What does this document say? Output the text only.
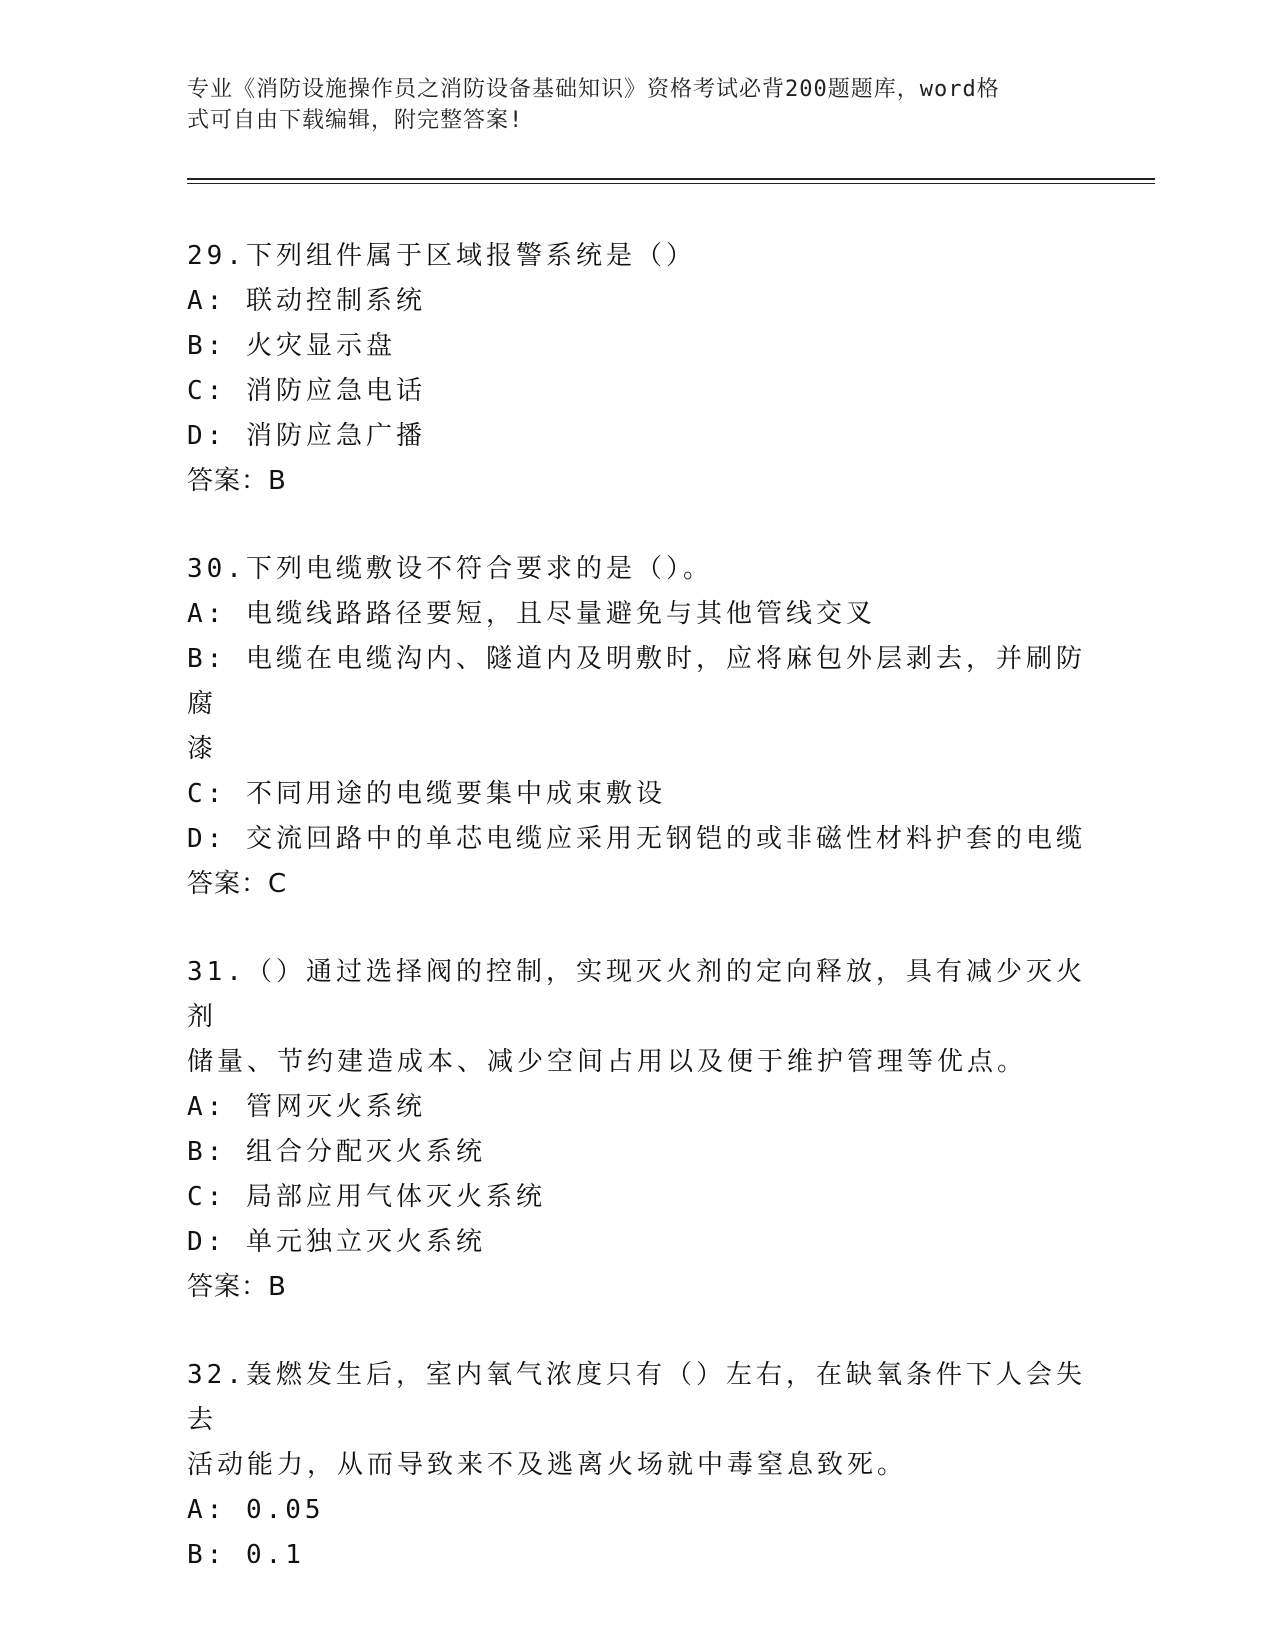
专业《消防设施操作员之消防设备基础知识》资格考试必背200题题库，word格
式可自由下载编辑，附完整答案!
29.下列组件属于区域报警系统是（）
A: 联动控制系统
B: 火灾显示盘
C: 消防应急电话
D: 消防应急广播
答案：B
30.下列电缆敷设不符合要求的是（）。
A: 电缆线路路径要短，且尽量避免与其他管线交叉
B: 电缆在电缆沟内、隧道内及明敷时，应将麻包外层剥去，并刷防腐
漆
C: 不同用途的电缆要集中成束敷设
D: 交流回路中的单芯电缆应采用无钢铠的或非磁性材料护套的电缆
答案：C
31.（）通过选择阀的控制，实现灭火剂的定向释放，具有减少灭火剂
储量、节约建造成本、减少空间占用以及便于维护管理等优点。
A: 管网灭火系统
B: 组合分配灭火系统
C: 局部应用气体灭火系统
D: 单元独立灭火系统
答案：B
32.轰燃发生后，室内氧气浓度只有（）左右，在缺氧条件下人会失去
活动能力，从而导致来不及逃离火场就中毒窒息致死。
A: 0.05
B: 0.1
